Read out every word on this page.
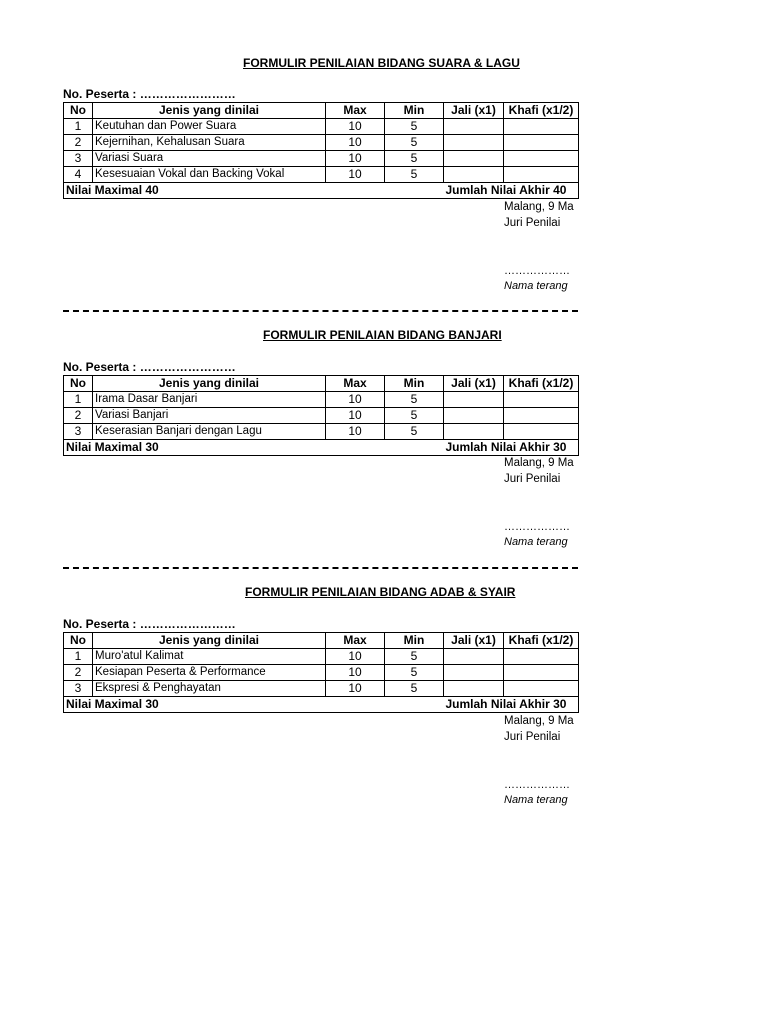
FORMULIR PENILAIAN BIDANG SUARA & LAGU
No. Peserta : ……………………
No	Jenis yang dinilai	Max	Min	Jali (x1)	Khafi (x1/2)
1	Keutuhan dan Power Suara	10	5		
2	Kejernihan, Kehalusan Suara	10	5		
3	Variasi Suara	10	5		
4	Kesesuaian Vokal dan Backing Vokal	10	5		
Nilai Maximal 40				Jumlah Nilai Akhir 40	
Malang, 9 Ma
Juri Penilai
………………
Nama terang
FORMULIR PENILAIAN BIDANG BANJARI
No. Peserta : ……………………
No	Jenis yang dinilai	Max	Min	Jali (x1)	Khafi (x1/2)
1	Irama Dasar Banjari	10	5		
2	Variasi Banjari	10	5		
3	Keserasian Banjari dengan Lagu	10	5		
Nilai Maximal 30				Jumlah Nilai Akhir 30	
Malang, 9 Ma
Juri Penilai
………………
Nama terang
FORMULIR PENILAIAN BIDANG ADAB & SYAIR
No. Peserta : ……………………
No	Jenis yang dinilai	Max	Min	Jali (x1)	Khafi (x1/2)
1	Muro'atul Kalimat	10	5		
2	Kesiapan Peserta & Performance	10	5		
3	Ekspresi & Penghayatan	10	5		
Nilai Maximal 30				Jumlah Nilai Akhir 30	
Malang, 9 Ma
Juri Penilai
………………
Nama terang
